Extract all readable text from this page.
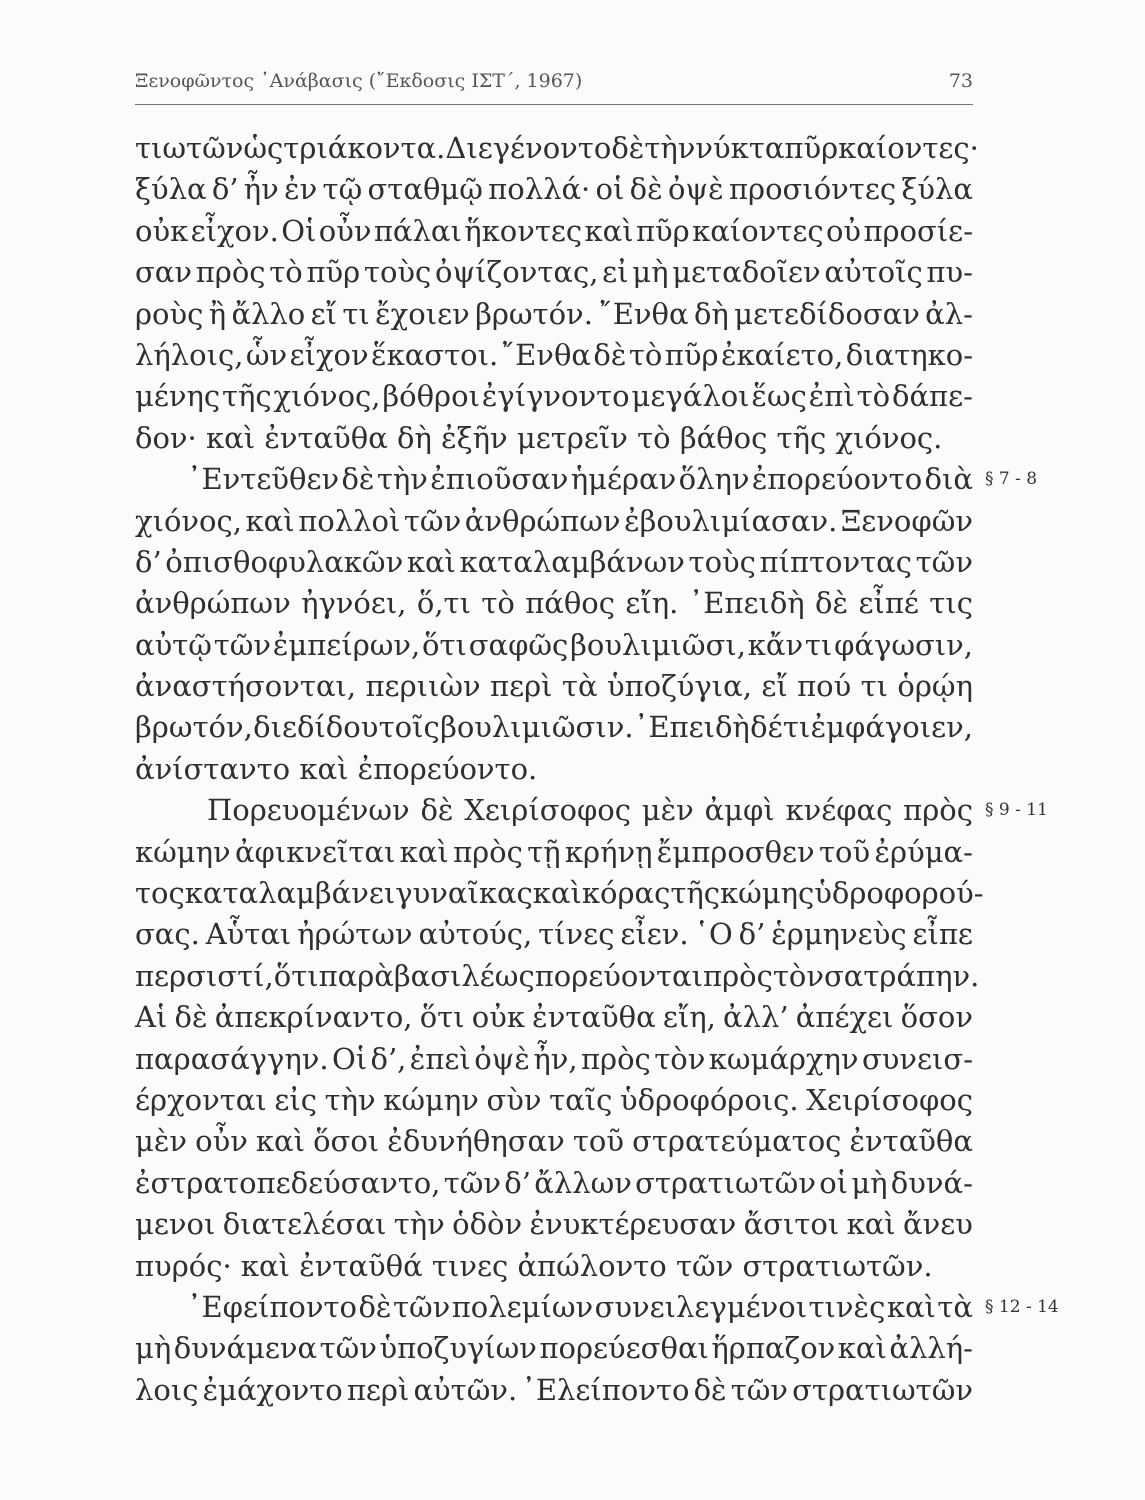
Ξενοφῶντος ᾿Ανάβασις (῎Εκδοσις ΙΣΤ΄, 1967)	73
τιωτῶν ὡς τριάκοντα. Διεγένοντο δὲ τὴν νύκτα πῦρ καίοντες·
ξύλα δ’ ἦν ἐν τῷ σταθμῷ πολλά· οἱ δὲ ὀψὲ προσιόντες ξύλα
οὐκ εἶχον. Οἱ οὖν πάλαι ἥκοντες καὶ πῦρ καίοντες οὐ προσίε-
σαν πρὸς τὸ πῦρ τοὺς ὀψίζοντας, εἰ μὴ μεταδοῖεν αὐτοῖς πυ-
ροὺς ἢ ἄλλο εἴ τι ἔχοιεν βρωτόν. ῎Ενθα δὴ μετεδίδοσαν ἀλ-
λήλοις, ὧν εἶχον ἕκαστοι. ῎Ενθα δὲ τὸ πῦρ ἐκαίετο, διατηκο-
μένης τῆς χιόνος, βόθροι ἐγίγνοντο μεγάλοι ἕως ἐπὶ τὸ δάπε-
δον· καὶ ἐνταῦθα δὴ ἐξῆν μετρεῖν τὸ βάθος τῆς χιόνος.
᾿Εντεῦθεν δὲ τὴν ἐπιοῦσαν ἡμέραν ὅλην ἐπορεύοντο διὰ
χιόνος, καὶ πολλοὶ τῶν ἀνθρώπων ἐβουλιμίασαν. Ξενοφῶν
δ’ ὀπισθοφυλακῶν καὶ καταλαμβάνων τοὺς πίπτοντας τῶν
ἀνθρώπων ἠγνόει, ὅ,τι τὸ πάθος εἴη. ᾿Επειδὴ δὲ εἶπέ τις
αὐτῷ τῶν ἐμπείρων, ὅτι σαφῶς βουλιμιῶσι, κἄν τι φάγωσιν,
ἀναστήσονται, περιιὼν περὶ τὰ ὑποζύγια, εἴ πού τι ὁρῴη
βρωτόν, διεδίδου τοῖς βουλιμιῶσιν. ᾿Επειδὴ δέ τι ἐμφάγοιεν,
ἀνίσταντο καὶ ἐπορεύοντο.
Πορευομένων δὲ Χειρίσοφος μὲν ἀμφὶ κνέφας πρὸς
κώμην ἀφικνεῖται καὶ πρὸς τῇ κρήνῃ ἔμπροσθεν τοῦ ἐρύμα-
τος καταλαμβάνει γυναῖκας καὶ κόρας τῆς κώμης ὑδροφορού-
σας. Αὗται ἠρώτων αὐτούς, τίνες εἶεν. ῾Ο δ’ ἑρμηνεὺς εἶπε
περσιστί, ὅτι παρὰ βασιλέως πορεύονται πρὸς τὸν σατράπην.
Αἱ δὲ ἀπεκρίναντο, ὅτι οὐκ ἐνταῦθα εἴη, ἀλλ’ ἀπέχει ὅσον
παρασάγγην. Οἱ δ’, ἐπεὶ ὀψὲ ἦν, πρὸς τὸν κωμάρχην συνεισ-
έρχονται εἰς τὴν κώμην σὺν ταῖς ὑδροφόροις. Χειρίσοφος
μὲν οὖν καὶ ὅσοι ἐδυνήθησαν τοῦ στρατεύματος ἐνταῦθα
ἐστρατοπεδεύσαντο, τῶν δ’ ἄλλων στρατιωτῶν οἱ μὴ δυνά-
μενοι διατελέσαι τὴν ὁδὸν ἐνυκτέρευσαν ἄσιτοι καὶ ἄνευ
πυρός· καὶ ἐνταῦθά τινες ἀπώλοντο τῶν στρατιωτῶν.
᾿Εφείποντο δὲ τῶν πολεμίων συνειλεγμένοι τινὲς καὶ τὰ
μὴ δυνάμενα τῶν ὑποζυγίων πορεύεσθαι ἥρπαζον καὶ ἀλλή-
λοις ἐμάχοντο περὶ αὐτῶν. ᾿Ελείποντο δὲ τῶν στρατιωτῶν
§ 7 - 8
§ 9 - 11
§ 12 - 14
